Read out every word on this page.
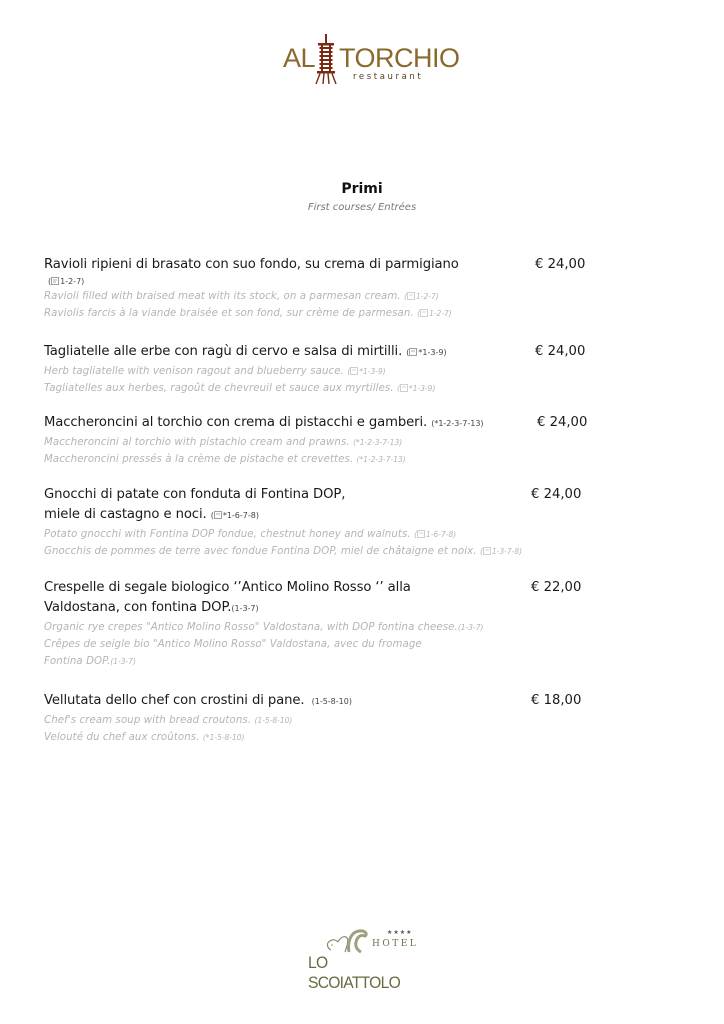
AL TORCHIO
restaurant
Primi
First courses/ Entrées
Ravioli ripieni di brasato con suo fondo, su crema di parmigiano
( 1-2-7)
Ravioli filled with braised meat with its stock, on a parmesan cream. ( 1-2-7)
Raviolis farcis à la viande braisée et son fond, sur crème de parmesan. ( 1-2-7)
€ 24,00
Tagliatelle alle erbe con ragù di cervo e salsa di mirtilli. ( *1-3-9)
Herb tagliatelle with venison ragout and blueberry sauce. ( *1-3-9)
Tagliatelles aux herbes, ragoût de chevreuil et sauce aux myrtilles. ( *1-3-9)
€ 24,00
Maccheroncini al torchio con crema di pistacchi e gamberi. (*1-2-3-7-13)
Maccheroncini al torchio with pistachio cream and prawns. (*1-2-3-7-13)
Maccheroncini pressés à la crème de pistache et crevettes. (*1-2-3-7-13)
€ 24,00
Gnocchi di patate con fonduta di Fontina DOP,
miele di castagno e noci. ( *1-6-7-8)
Potato gnocchi with Fontina DOP fondue, chestnut honey and walnuts. ( 1-6-7-8)
Gnocchis de pommes de terre avec fondue Fontina DOP, miel de châtaigne et noix. ( 1-3-7-8)
€ 24,00
Crespelle di segale biologico ‘’Antico Molino Rosso ‘’ alla
Valdostana, con fontina DOP.(1-3-7)
Organic rye crepes "Antico Molino Rosso" Valdostana, with DOP fontina cheese.(1-3-7)
Crêpes de seigle bio "Antico Molino Rosso" Valdostana, avec du fromage
Fontina DOP.(1-3-7)
€ 22,00
Vellutata dello chef con crostini di pane. (1-5-8-10)
Chef's cream soup with bread croutons. (1-5-8-10)
Velouté du chef aux croûtons. (*1-5-8-10)
€ 18,00
★★★★
HOTEL
LO SCOIATTOLO
